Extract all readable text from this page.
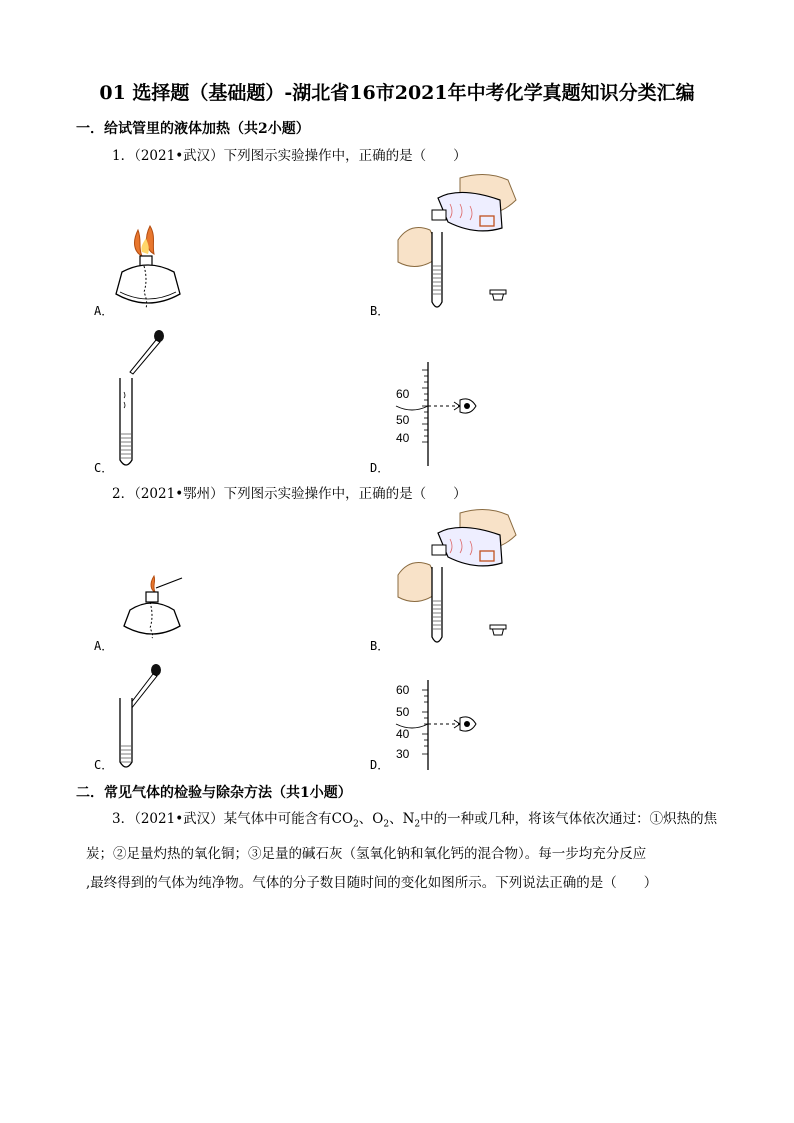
01 选择题（基础题）-湖北省16市2021年中考化学真题知识分类汇编
一．给试管里的液体加热（共2小题）
1．（2021•武汉）下列图示实验操作中，正确的是（　　）
A．	B．
C．
60
50
40
D．
2．（2021•鄂州）下列图示实验操作中，正确的是（　　）
A．	B．
C．
60
50
40
30
D．
二．常见气体的检验与除杂方法（共1小题）
3．（2021•武汉）某气体中可能含有$CO_2$、$O_2$、$N_2$中的一种或几种，将该气体依次通过：①炽热的焦
炭；②足量灼热的氧化铜；③足量的碱石灰（氢氧化钠和氧化钙的混合物）。每一步均充分反应
,最终得到的气体为纯净物。气体的分子数目随时间的变化如图所示。下列说法正确的是（　　）
